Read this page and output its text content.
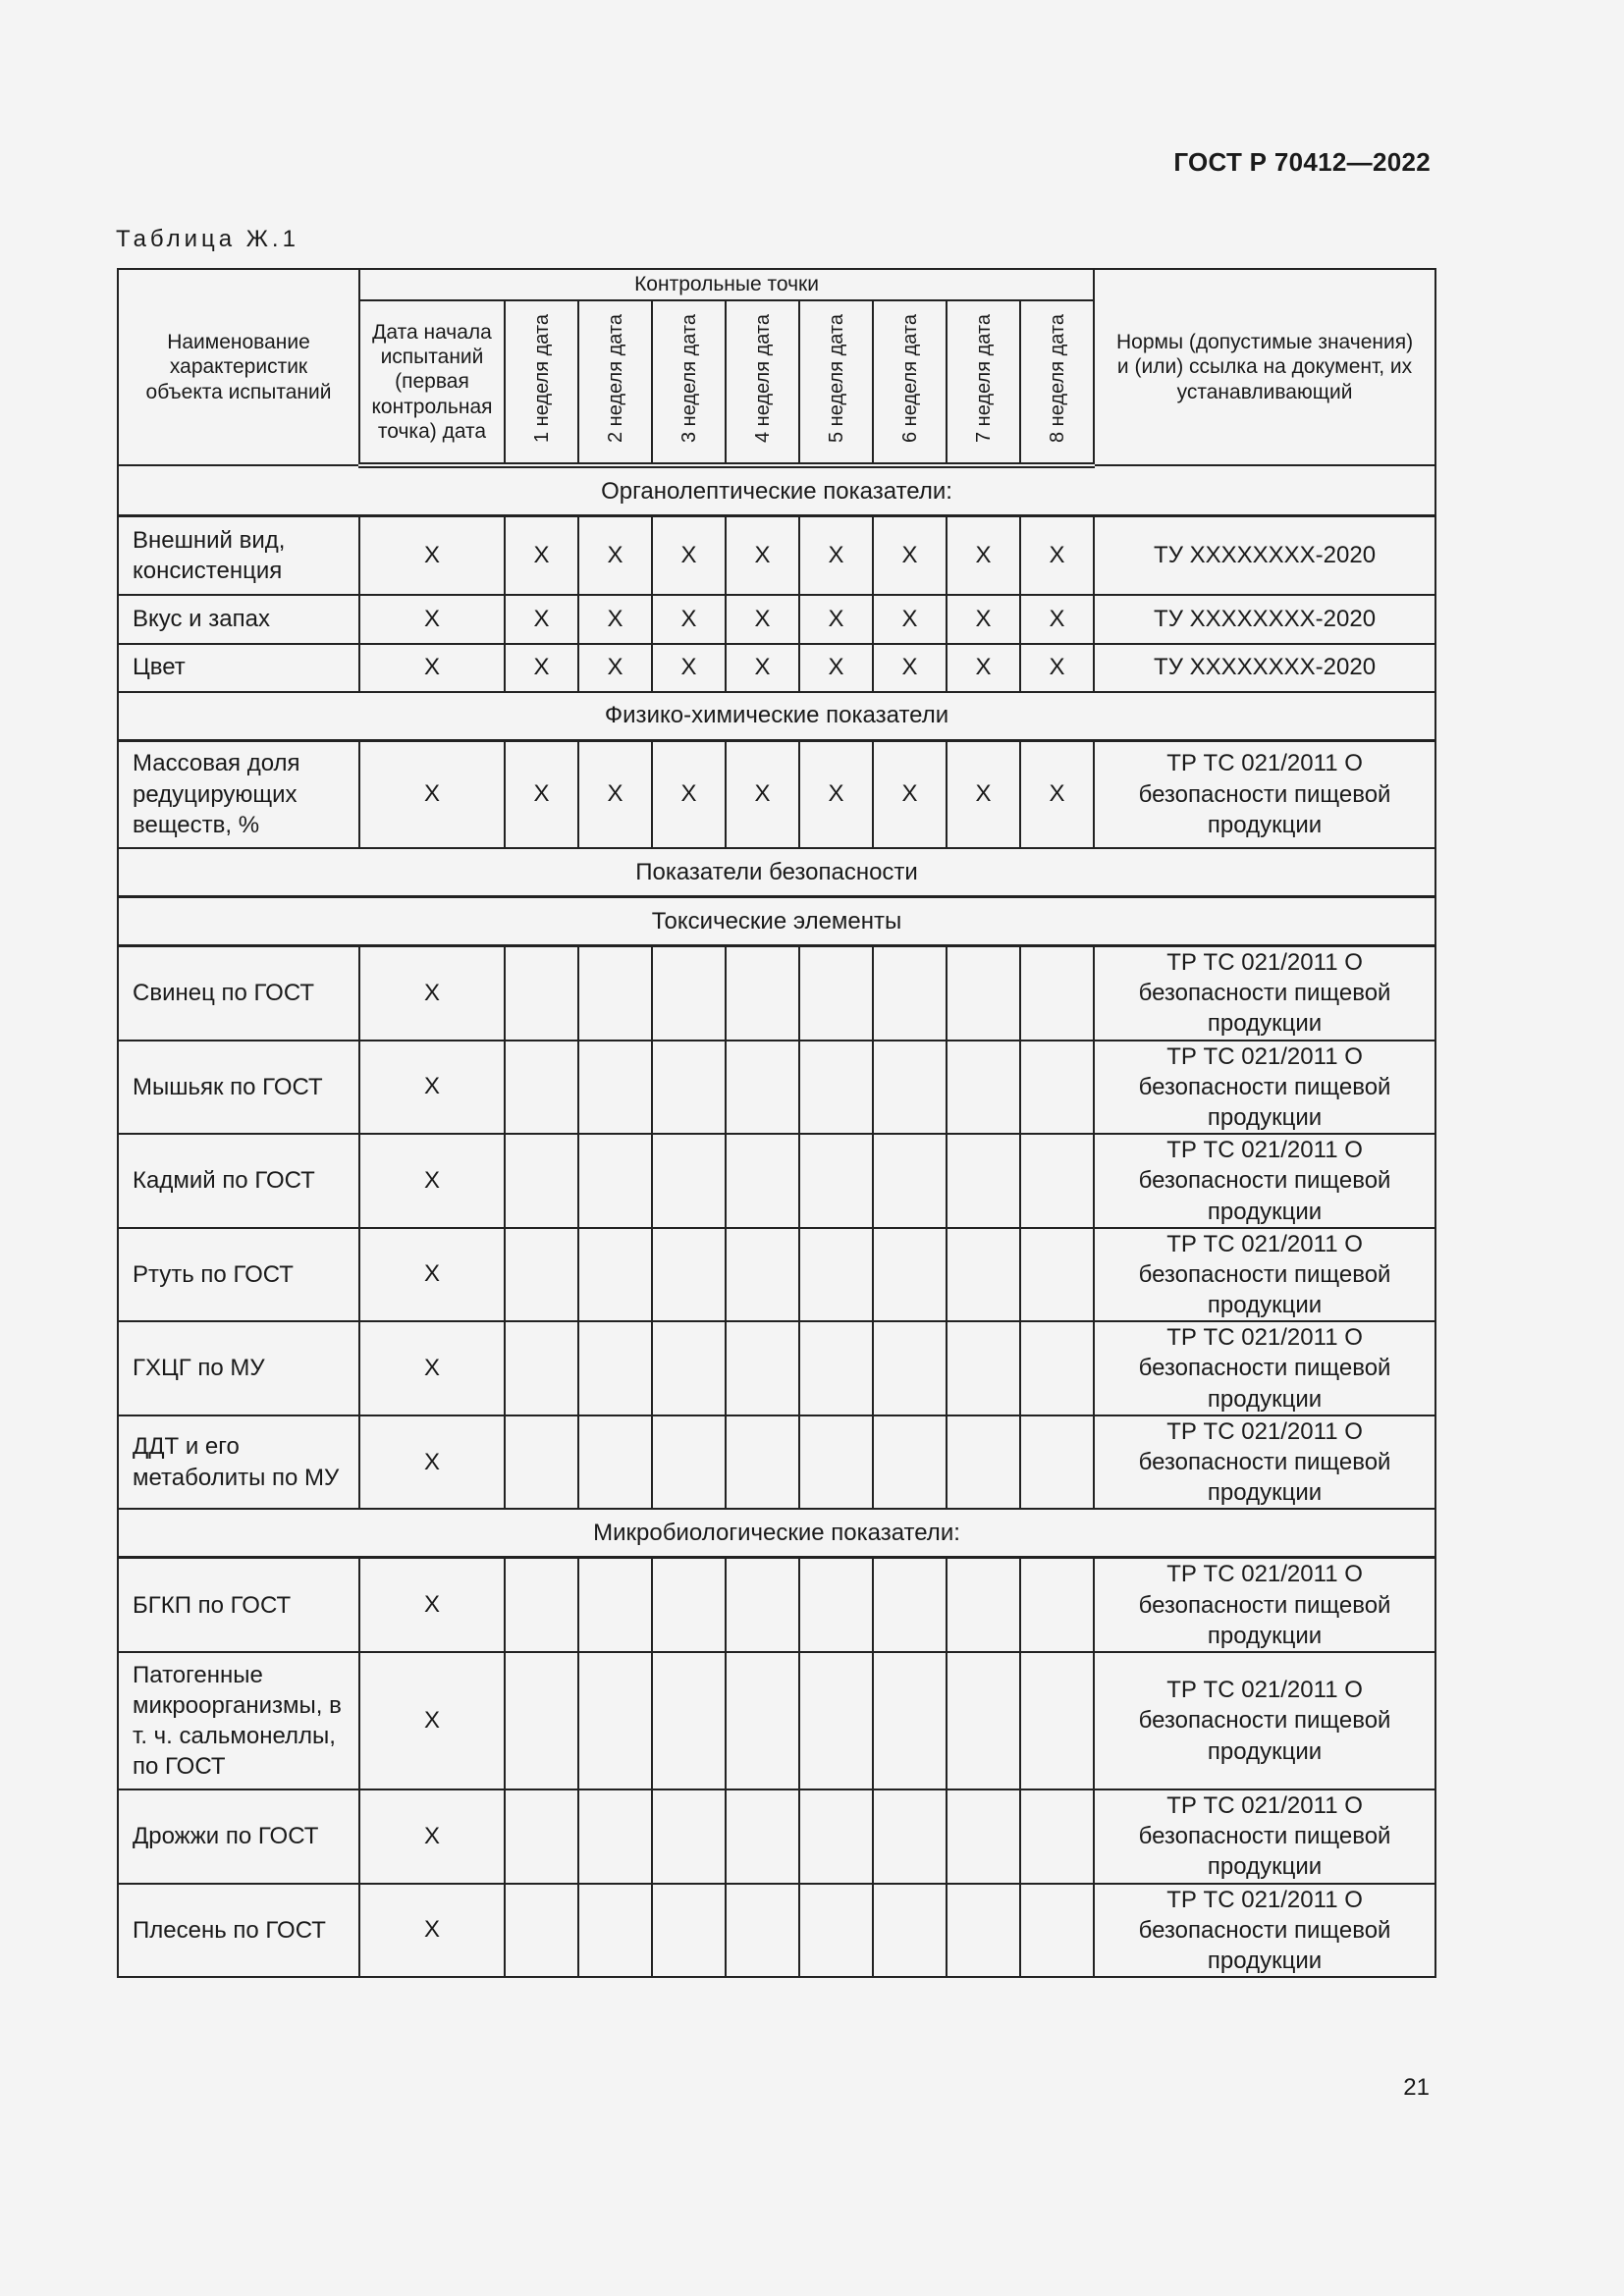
ГОСТ Р 70412—2022
Таблица Ж.1
Наименование характеристик объекта испытаний	Контрольные точки									Нормы (допустимые значения) и (или) ссылка на документ, их устанавливающий
	Дата начала испытаний (первая контрольная точка) дата	1 неделя дата	2 неделя дата	3 неделя дата	4 неделя дата	5 неделя дата	6 неделя дата	7 неделя дата	8 неделя дата	
Органолептические показатели:										
Внешний вид, консистенция	X	X	X	X	X	X	X	X	X	ТУ ХХХХХХХХ-2020
Вкус и запах	X	X	X	X	X	X	X	X	X	ТУ ХХХХХХХХ-2020
Цвет	X	X	X	X	X	X	X	X	X	ТУ ХХХХХХХХ-2020
Физико-химические показатели										
Массовая доля редуцирующих веществ, %	X	X	X	X	X	X	X	X	X	ТР ТС 021/2011 О безопасности пищевой продукции
Показатели безопасности										
Токсические элементы										
Свинец по ГОСТ	X									ТР ТС 021/2011 О безопасности пищевой продукции
Мышьяк по ГОСТ	X									ТР ТС 021/2011 О безопасности пищевой продукции
Кадмий по ГОСТ	X									ТР ТС 021/2011 О безопасности пищевой продукции
Ртуть по ГОСТ	X									ТР ТС 021/2011 О безопасности пищевой продукции
ГХЦГ по МУ	X									ТР ТС 021/2011 О безопасности пищевой продукции
ДДТ и его метаболиты по МУ	X									ТР ТС 021/2011 О безопасности пищевой продукции
Микробиологические показатели:										
БГКП по ГОСТ	X									ТР ТС 021/2011 О безопасности пищевой продукции
Патогенные микроорганизмы, в т. ч. сальмонеллы, по ГОСТ	X									ТР ТС 021/2011 О безопасности пищевой продукции
Дрожжи по ГОСТ	X									ТР ТС 021/2011 О безопасности пищевой продукции
Плесень по ГОСТ	X									ТР ТС 021/2011 О безопасности пищевой продукции
21
